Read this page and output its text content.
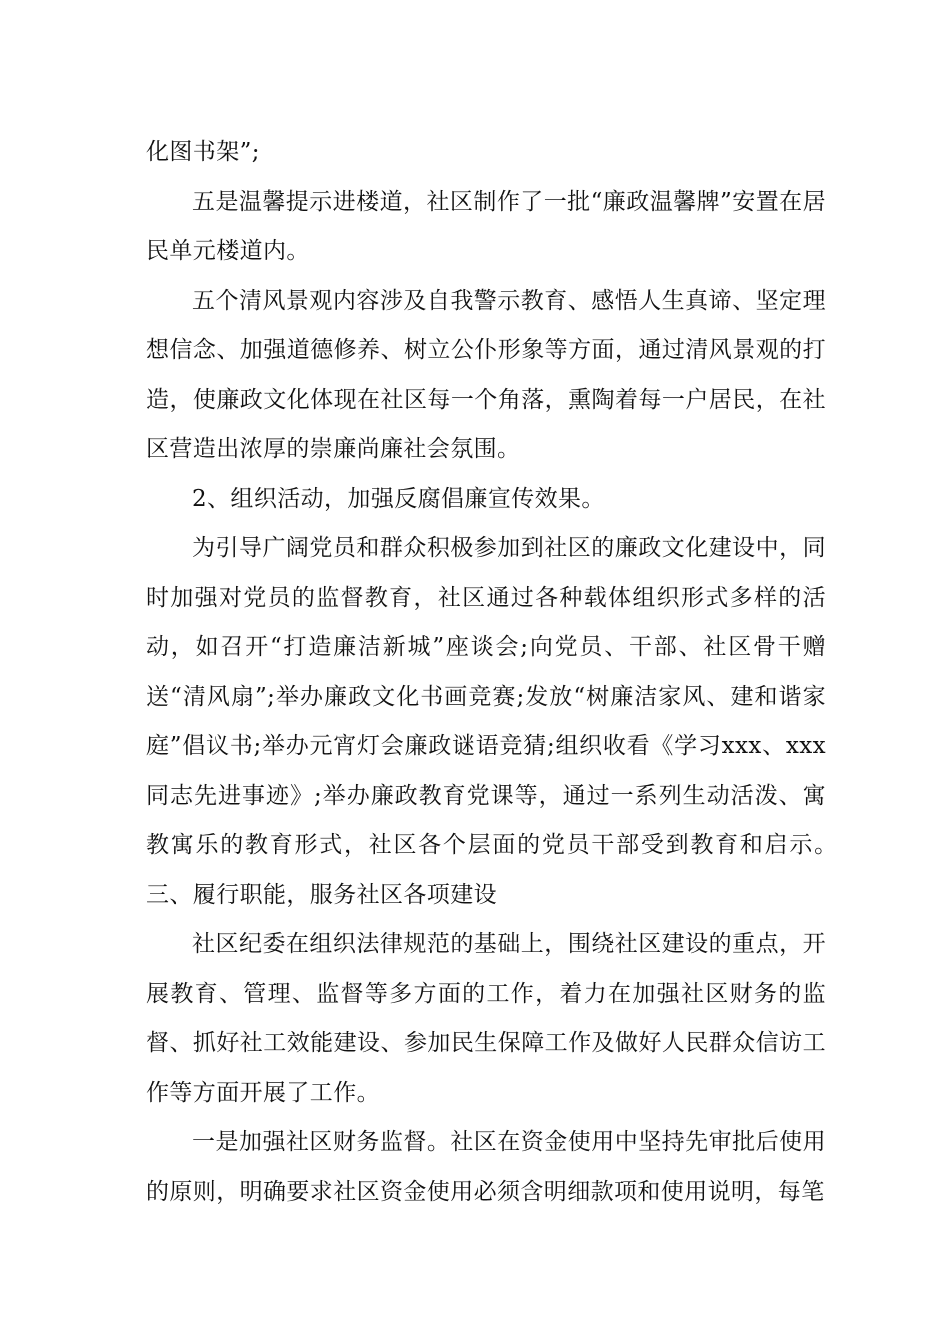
化图书架”;

五是温馨提示进楼道，社区制作了一批“廉政温馨牌”安置在居民单元楼道内。

五个清风景观内容涉及自我警示教育、感悟人生真谛、坚定理想信念、加强道德修养、树立公仆形象等方面，通过清风景观的打造，使廉政文化体现在社区每一个角落，熏陶着每一户居民，在社区营造出浓厚的崇廉尚廉社会氛围。

2、组织活动，加强反腐倡廉宣传效果。

为引导广阔党员和群众积极参加到社区的廉政文化建设中，同时加强对党员的监督教育，社区通过各种载体组织形式多样的活动，如召开“打造廉洁新城”座谈会;向党员、干部、社区骨干赠送“清风扇”;举办廉政文化书画竞赛;发放“树廉洁家风、建和谐家庭”倡议书;举办元宵灯会廉政谜语竞猜;组织收看《学习xxx、xxx同志先进事迹》;举办廉政教育党课等，通过一系列生动活泼、寓教寓乐的教育形式，社区各个层面的党员干部受到教育和启示。　　三、履行职能，服务社区各项建设

社区纪委在组织法律规范的基础上，围绕社区建设的重点，开展教育、管理、监督等多方面的工作，着力在加强社区财务的监督、抓好社工效能建设、参加民生保障工作及做好人民群众信访工作等方面开展了工作。

一是加强社区财务监督。社区在资金使用中坚持先审批后使用的原则，明确要求社区资金使用必须含明细款项和使用说明，每笔
